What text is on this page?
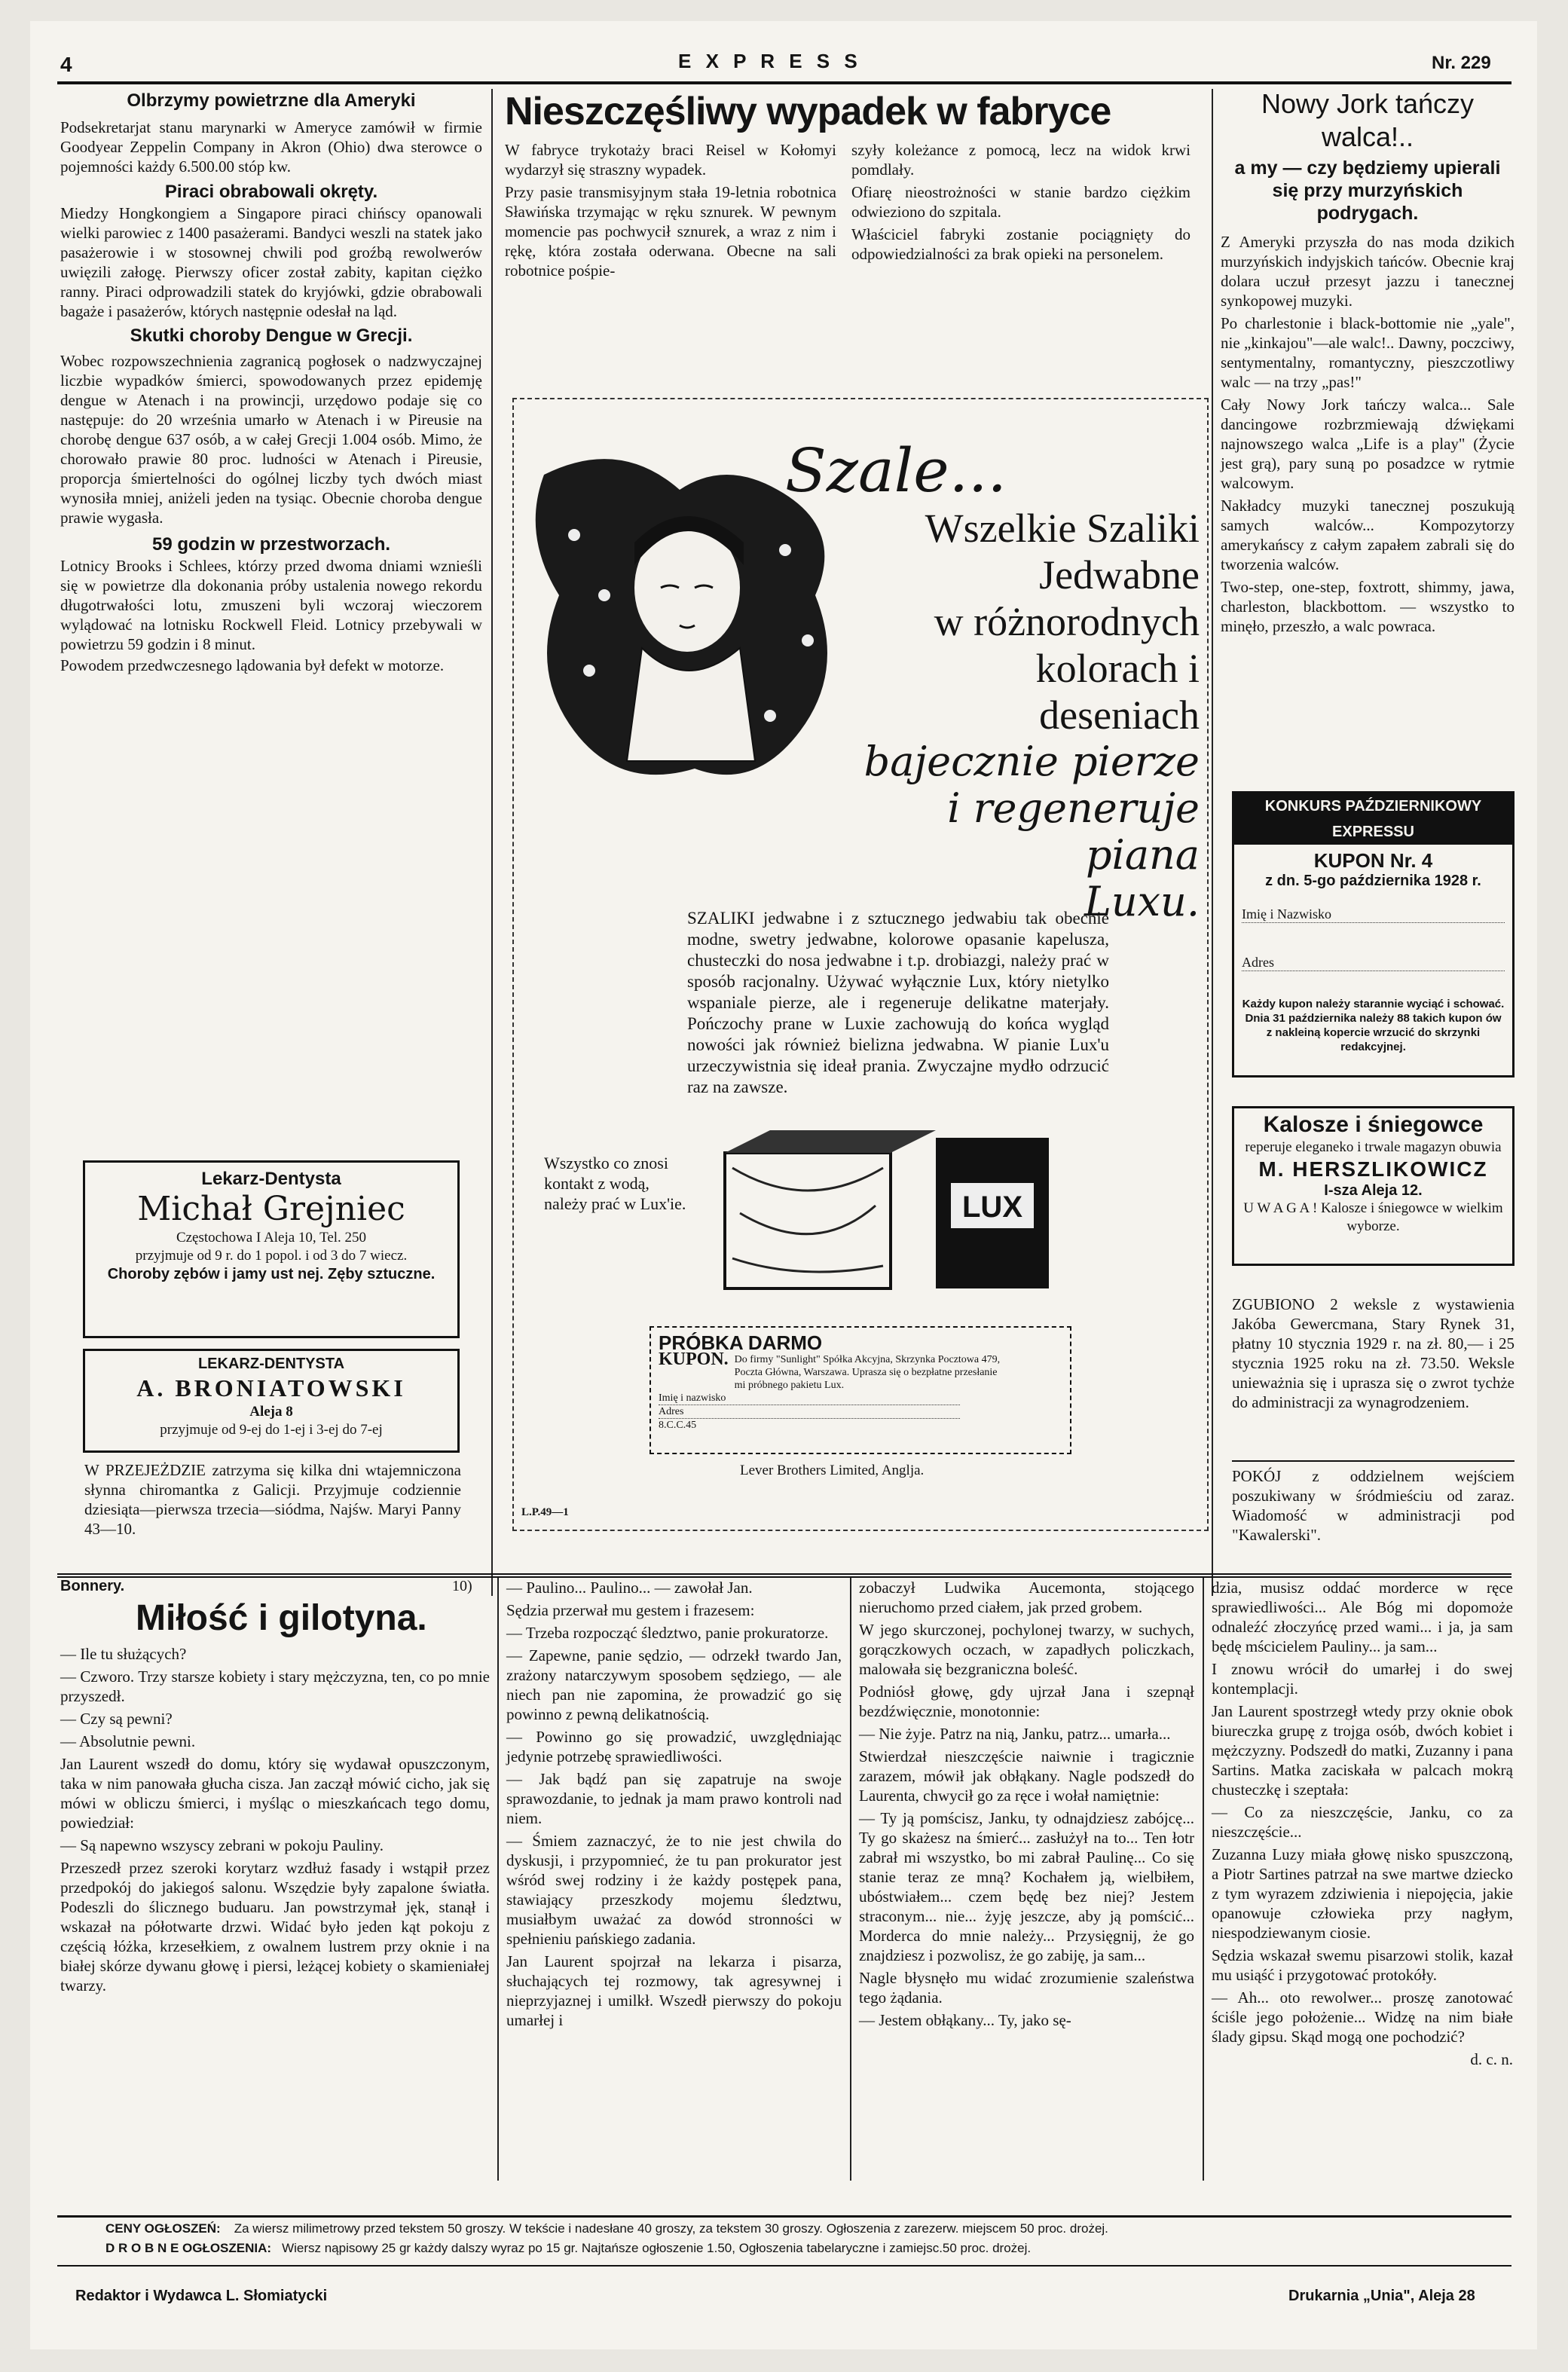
4	E X P R E S S	Nr. 229
Olbrzymy powietrzne dla Ameryki

Podsekretarjat stanu marynarki w Ameryce zamówił w firmie Goodyear Zeppelin Company in Akron (Ohio) dwa sterowce o pojemności każdy 6.500.00 stóp kw.

Piraci obrabowali okręty.

Miedzy Hongkongiem a Singapore piraci chińscy opanowali wielki parowiec z 1400 pasażerami. Bandyci weszli na statek jako pasażerowie i w stosownej chwili pod groźbą rewolwerów uwięzili załogę. Pierwszy oficer został zabity, kapitan ciężko ranny. Piraci odprowadzili statek do kryjówki, gdzie obrabowali bagaże i pasażerów, których następnie odesłał na ląd.

Skutki choroby Dengue w Grecji.

Wobec rozpowszechnienia zagranicą pogłosek o nadzwyczajnej liczbie wypadków śmierci, spowodowanych przez epidemję dengue w Atenach i na prowincji, urzędowo podaje się co następuje: do 20 września umarło w Atenach i w Pireusie na chorobę dengue 637 osób, a w całej Grecji 1.004 osób. Mimo, że chorowało prawie 80 proc. ludności w Atenach i Pireusie, proporcja śmiertelności do ogólnej liczby tych dwóch miast wynosiła mniej, aniżeli jeden na tysiąc. Obecnie choroba dengue prawie wygasła.

59 godzin w przestworzach.

Lotnicy Brooks i Schlees, którzy przed dwoma dniami wznieśli się w powietrze dla dokonania próby ustalenia nowego rekordu długotrwałości lotu, zmuszeni byli wczoraj wieczorem wylądować na lotnisku Rockwell Fleid. Lotnicy przebywali w powietrzu 59 godzin i 8 minut.

Powodem przedwczesnego lądowania był defekt w motorze.

Lekarz-Dentysta
Michał Grejniec
Częstochowa I Aleja 10, Tel. 250
przyjmuje od 9 r. do 1 popol. i od 3 do 7 wiecz.
Choroby zębów i jamy ust nej. Zęby sztuczne.
LEKARZ-DENTYSTA
A. BRONIATOWSKI
Aleja 8
przyjmuje od 9-ej do 1-ej i 3-ej do 7-ej

W PRZEJEŻDZIE zatrzyma się kilka dni wtajemniczona słynna chiromantka z Galicji. Przyjmuje codziennie dziesiąta—pierwsza trzecia—siódma, Najśw. Maryi Panny 43—10.

Nieszczęśliwy wypadek w fabryce

W fabryce trykotaży braci Reisel w Kołomyi wydarzył się straszny wypadek.

Przy pasie transmisyjnym stała 19-letnia robotnica Sławińska trzymając w ręku sznurek. W pewnym momencie pas pochwycił sznurek, a wraz z nim i rękę, która została oderwana. Obecne na sali robotnice pośpie-

szyły koleżance z pomocą, lecz na widok krwi pomdlały.

Ofiarę nieostrożności w stanie bardzo ciężkim odwieziono do szpitala.

Właściciel fabryki zostanie pociągnięty do odpowiedzialności za brak opieki na personelem.

Szale...
Wszelkie Szaliki
Jedwabne
w różnorodnych
kolorach i
deseniach
bajecznie pierze
i regeneruje piana
Luxu.

SZALIKI jedwabne i z sztucznego jedwabiu tak obecnie modne, swetry jedwabne, kolorowe opasanie kapelusza, chusteczki do nosa jedwabne i t.p. drobiazgi, należy prać w sposób racjonalny. Używać wyłącznie Lux, który nietylko wspaniale pierze, ale i regeneruje delikatne materjały. Pończochy prane w Luxie zachowują do końca wygląd nowości jak również bielizna jedwabna. W pianie Lux'u urzeczywistnia się ideał prania. Zwyczajne mydło odrzucić raz na zawsze.

Wszystko co znosi kontakt z wodą, należy prać w Lux'ie.	LUX
PRÓBKA DARMO
KUPON. Do firmy "Sunlight" Spółka Akcyjna, Skrzynka Pocztowa 479, Poczta Główna, Warszawa. Uprasza się o bezpłatne przesłanie mi próbnego pakietu Lux.
Imię i nazwisko
Adres
8.C.C.45
Lever Brothers Limited, Anglja.
L.P.49—1
Nowy Jork tańczy walca!..
a my — czy będziemy upierali się przy murzyńskich podrygach.

Z Ameryki przyszła do nas moda dzikich murzyńskich indyjskich tańców. Obecnie kraj dolara uczuł przesyt jazzu i tanecznej synkopowej muzyki.

Po charlestonie i black-bottomie nie „yale", nie „kinkajou"—ale walc!.. Dawny, poczciwy, sentymentalny, romantyczny, pieszczotliwy walc — na trzy „pas!"

Cały Nowy Jork tańczy walca... Sale dancingowe rozbrzmiewają dźwiękami najnowszego walca „Life is a play" (Życie jest grą), pary suną po posadzce w rytmie walcowym.

Nakładcy muzyki tanecznej poszukują samych walców... Kompozytorzy amerykańscy z całym zapałem zabrali się do tworzenia walców.

Two-step, one-step, foxtrott, shimmy, jawa, charleston, blackbottom. — wszystko to minęło, przeszło, a walc powraca.

KONKURS PAŹDZIERNIKOWY EXPRESSU
KUPON Nr. 4
z dn. 5-go października 1928 r.
Imię i Nazwisko
Adres
Każdy kupon należy starannie wyciąć i schować. Dnia 31 października należy 88 takich kupon ów z nakleiną kopercie wrzucić do skrzynki redakcyjnej.
Kalosze i śniegowce
reperuje eleganeko i trwale magazyn obuwia
M. HERSZLIKOWICZ
I-sza Aleja 12.
U W A G A ! Kalosze i śniegowce w wielkim wyborze.

ZGUBIONO 2 weksle z wystawienia Jakóba Gewercmana, Stary Rynek 31, płatny 10 stycznia 1929 r. na zł. 80,— i 25 stycznia 1925 roku na zł. 73.50. Weksle unieważnia się i uprasza się o zwrot tychże do administracji za wynagrodzeniem.

POKÓJ z oddzielnem wejściem poszukiwany w śródmieściu od zaraz. Wiadomość w administracji pod "Kawalerski".

Bonnery.	10)
Miłość i gilotyna.

— Ile tu służących?

— Czworo. Trzy starsze kobiety i stary mężczyzna, ten, co po mnie przyszedł.

— Czy są pewni?

— Absolutnie pewni.

Jan Laurent wszedł do domu, który się wydawał opuszczonym, taka w nim panowała głucha cisza. Jan zaczął mówić cicho, jak się mówi w obliczu śmierci, i myśląc o mieszkańcach tego domu, powiedział:

— Są napewno wszyscy zebrani w pokoju Pauliny.

Przeszedł przez szeroki korytarz wzdłuż fasady i wstąpił przez przedpokój do jakiegoś salonu. Wszędzie były zapalone światła. Podeszli do ślicznego buduaru. Jan powstrzymał jęk, stanął i wskazał na półotwarte drzwi. Widać było jeden kąt pokoju z częścią łóżka, krzesełkiem, z owalnem lustrem przy oknie i na białej skórze dywanu głowę i piersi, leżącej kobiety o skamieniałej twarzy.

— Paulino... Paulino... — zawołał Jan.

Sędzia przerwał mu gestem i frazesem:

— Trzeba rozpocząć śledztwo, panie prokuratorze.

— Zapewne, panie sędzio, — odrzekł twardo Jan, zrażony natarczywym sposobem sędziego, — ale niech pan nie zapomina, że prowadzić go się powinno z pewną delikatnością.

— Powinno go się prowadzić, uwzględniając jedynie potrzebę sprawiedliwości.

— Jak bądź pan się zapatruje na swoje sprawozdanie, to jednak ja mam prawo kontroli nad niem.

— Śmiem zaznaczyć, że to nie jest chwila do dyskusji, i przypomnieć, że tu pan prokurator jest wśród swej rodziny i że każdy postępek pana, stawiający przeszkody mojemu śledztwu, musiałbym uważać za dowód stronności w spełnieniu pańskiego zadania.

Jan Laurent spojrzał na lekarza i pisarza, słuchających tej rozmowy, tak agresywnej i nieprzyjaznej i umilkł. Wszedł pierwszy do pokoju umarłej i

zobaczył Ludwika Aucemonta, stojącego nieruchomo przed ciałem, jak przed grobem.

W jego skurczonej, pochylonej twarzy, w suchych, gorączkowych oczach, w zapadłych policzkach, malowała się bezgraniczna boleść.

Podniósł głowę, gdy ujrzał Jana i szepnął bezdźwięcznie, monotonnie:

— Nie żyje. Patrz na nią, Janku, patrz... umarła...

Stwierdzał nieszczęście naiwnie i tragicznie zarazem, mówił jak obłąkany. Nagle podszedł do Laurenta, chwycił go za ręce i wołał namiętnie:

— Ty ją pomścisz, Janku, ty odnajdziesz zabójcę... Ty go skażesz na śmierć... zasłużył na to... Ten łotr zabrał mi wszystko, bo mi zabrał Paulinę... Co się stanie teraz ze mną? Kochałem ją, wielbiłem, ubóstwiałem... czem będę bez niej? Jestem straconym... nie... żyję jeszcze, aby ją pomścić... Mordercа do mnie należy... Przysięgnij, że go znajdziesz i pozwolisz, że go zabiję, ja sam...

Nagle błysnęło mu widać zrozumienie szaleństwa tego żądania.

— Jestem obłąkany... Ty, jako sę-

dzia, musisz oddać morderce w ręce sprawiedliwości... Ale Bóg mi dopomoże odnaleźć złoczyńcę przed wami... i ja, ja sam będę mścicielem Pauliny... ja sam...

I znowu wrócił do umarłej i do swej kontemplacji.

Jan Laurent spostrzegł wtedy przy oknie obok biureczka grupę z trojga osób, dwóch kobiet i mężczyzny. Podszedł do matki, Zuzanny i pana Sartins. Matka zaciskała w palcach mokrą chusteczkę i szeptała:

— Co za nieszczęście, Janku, co za nieszczęście...

Zuzanna Luzy miała głowę nisko spuszczoną, a Piotr Sartines patrzał na swe martwe dziecko z tym wyrazem zdziwienia i niepojęcia, jakie opanowuje człowieka przy nagłym, niespodziewanym ciosie.

Sędzia wskazał swemu pisarzowi stolik, kazał mu usiąść i przygotować protokóły.

— Ah... oto rewolwer... proszę zanotować ściśle jego położenie... Widzę na nim białe ślady gipsu. Skąd mogą one pochodzić?

d. c. n.

CENY OGŁOSZEŃ: Za wiersz milimetrowy przed tekstem 50 groszy. W tekście i nadesłane 40 groszy, za tekstem 30 groszy. Ogłoszenia z zarezerw. miejscem 50 proc. drożej.
D R O B N E OGŁOSZENIA: Wiersz nąpisowy 25 gr każdy dalszy wyraz po 15 gr. Najtańsze ogłoszenie 1.50, Ogłoszenia tabelaryczne i zamiejsc.50 proc. drożej.
Redaktor i Wydawca L. Słomiatycki	Drukarnia „Unia", Aleja 28
